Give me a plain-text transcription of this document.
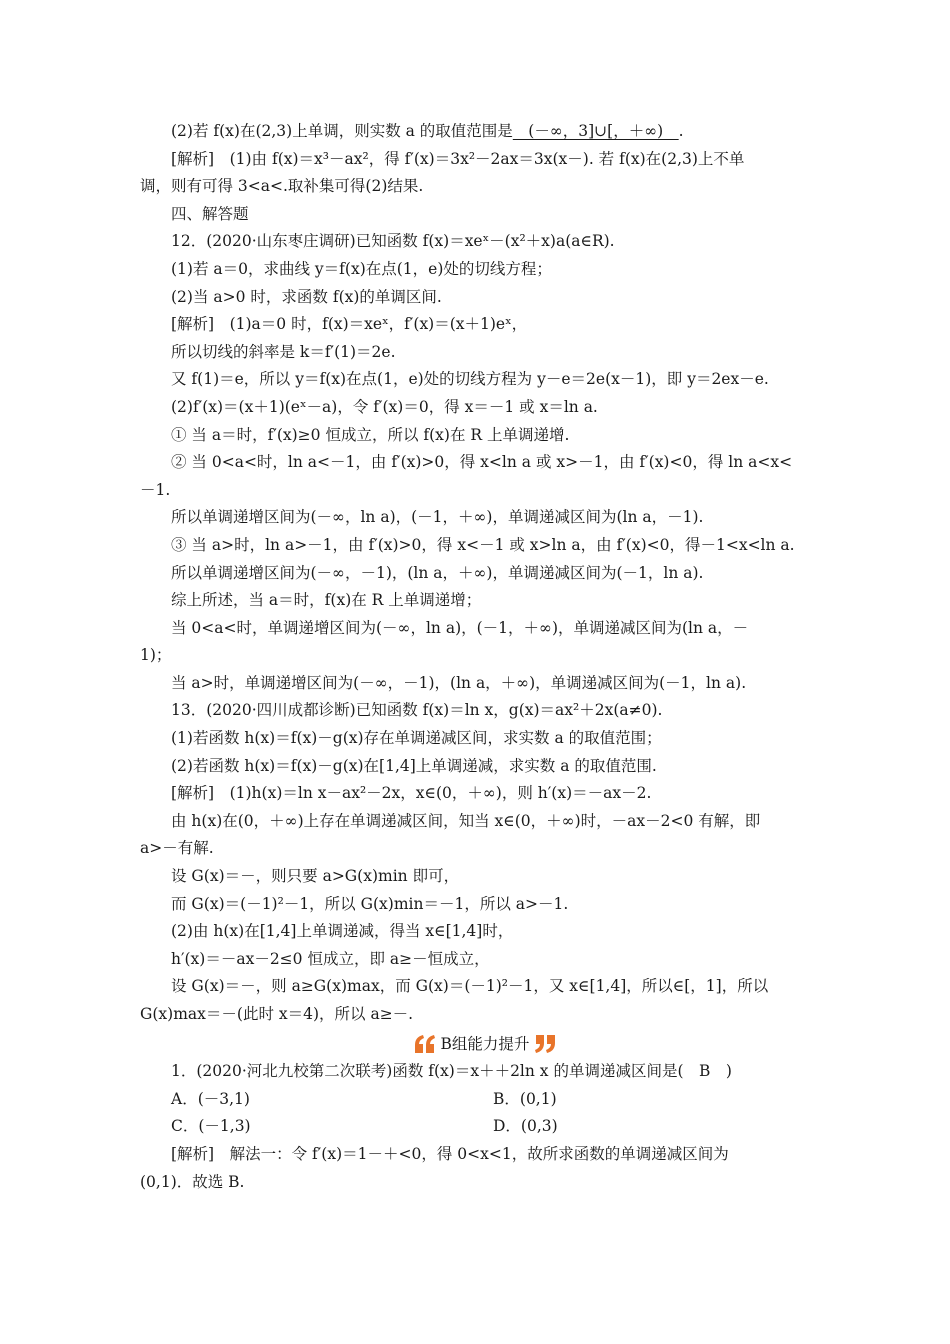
(2)若 f(x)在(2,3)上单调，则实数 a 的取值范围是　(－∞，3]∪[，＋∞)　.
[解析]　(1)由 f(x)＝x³－ax²，得 f′(x)＝3x²－2ax＝3x(x－). 若 f(x)在(2,3)上不单
调，则有可得 3<a<.取补集可得(2)结果.
四、解答题
12．(2020·山东枣庄调研)已知函数 f(x)＝xeˣ－(x²＋x)a(a∈R).
(1)若 a＝0，求曲线 y＝f(x)在点(1，e)处的切线方程；
(2)当 a>0 时，求函数 f(x)的单调区间.
[解析]　(1)a＝0 时，f(x)＝xeˣ，f′(x)＝(x＋1)eˣ，
所以切线的斜率是 k＝f′(1)＝2e.
又 f(1)＝e，所以 y＝f(x)在点(1，e)处的切线方程为 y－e＝2e(x－1)，即 y＝2ex－e.
(2)f′(x)＝(x＋1)(eˣ－a)，令 f′(x)＝0，得 x＝－1 或 x＝ln a.
① 当 a＝时，f′(x)≥0 恒成立，所以 f(x)在 R 上单调递增.
② 当 0<a<时，ln a<－1，由 f′(x)>0，得 x<ln a 或 x>－1，由 f′(x)<0，得 ln a<x<
－1.
所以单调递增区间为(－∞，ln a)，(－1，＋∞)，单调递减区间为(ln a，－1).
③ 当 a>时，ln a>－1，由 f′(x)>0，得 x<－1 或 x>ln a，由 f′(x)<0，得－1<x<ln a.
所以单调递增区间为(－∞，－1)，(ln a，＋∞)，单调递减区间为(－1，ln a).
综上所述，当 a＝时，f(x)在 R 上单调递增；
当 0<a<时，单调递增区间为(－∞，ln a)，(－1，＋∞)，单调递减区间为(ln a，－
1)；
当 a>时，单调递增区间为(－∞，－1)，(ln a，＋∞)，单调递减区间为(－1，ln a).
13．(2020·四川成都诊断)已知函数 f(x)＝ln x，g(x)＝ax²＋2x(a≠0).
(1)若函数 h(x)＝f(x)－g(x)存在单调递减区间，求实数 a 的取值范围；
(2)若函数 h(x)＝f(x)－g(x)在[1,4]上单调递减，求实数 a 的取值范围.
[解析]　(1)h(x)＝ln x－ax²－2x，x∈(0，＋∞)，则 h′(x)＝－ax－2.
由 h(x)在(0，＋∞)上存在单调递减区间，知当 x∈(0，＋∞)时，－ax－2<0 有解，即
a>－有解.
设 G(x)＝－，则只要 a>G(x)min 即可，
而 G(x)＝(－1)²－1，所以 G(x)min＝－1，所以 a>－1.
(2)由 h(x)在[1,4]上单调递减，得当 x∈[1,4]时，
h′(x)＝－ax－2≤0 恒成立，即 a≥－恒成立，
设 G(x)＝－，则 a≥G(x)max，而 G(x)＝(－1)²－1，又 x∈[1,4]，所以∈[，1]，所以
G(x)max＝－(此时 x＝4)，所以 a≥－.
B组能力提升
1．(2020·河北九校第二次联考)函数 f(x)＝x＋＋2ln x 的单调递减区间是(　B　)
A．(－3,1)	B．(0,1)
C．(－1,3)	D．(0,3)
[解析]　解法一：令 f′(x)＝1－＋<0，得 0<x<1，故所求函数的单调递减区间为
(0,1)．故选 B.
